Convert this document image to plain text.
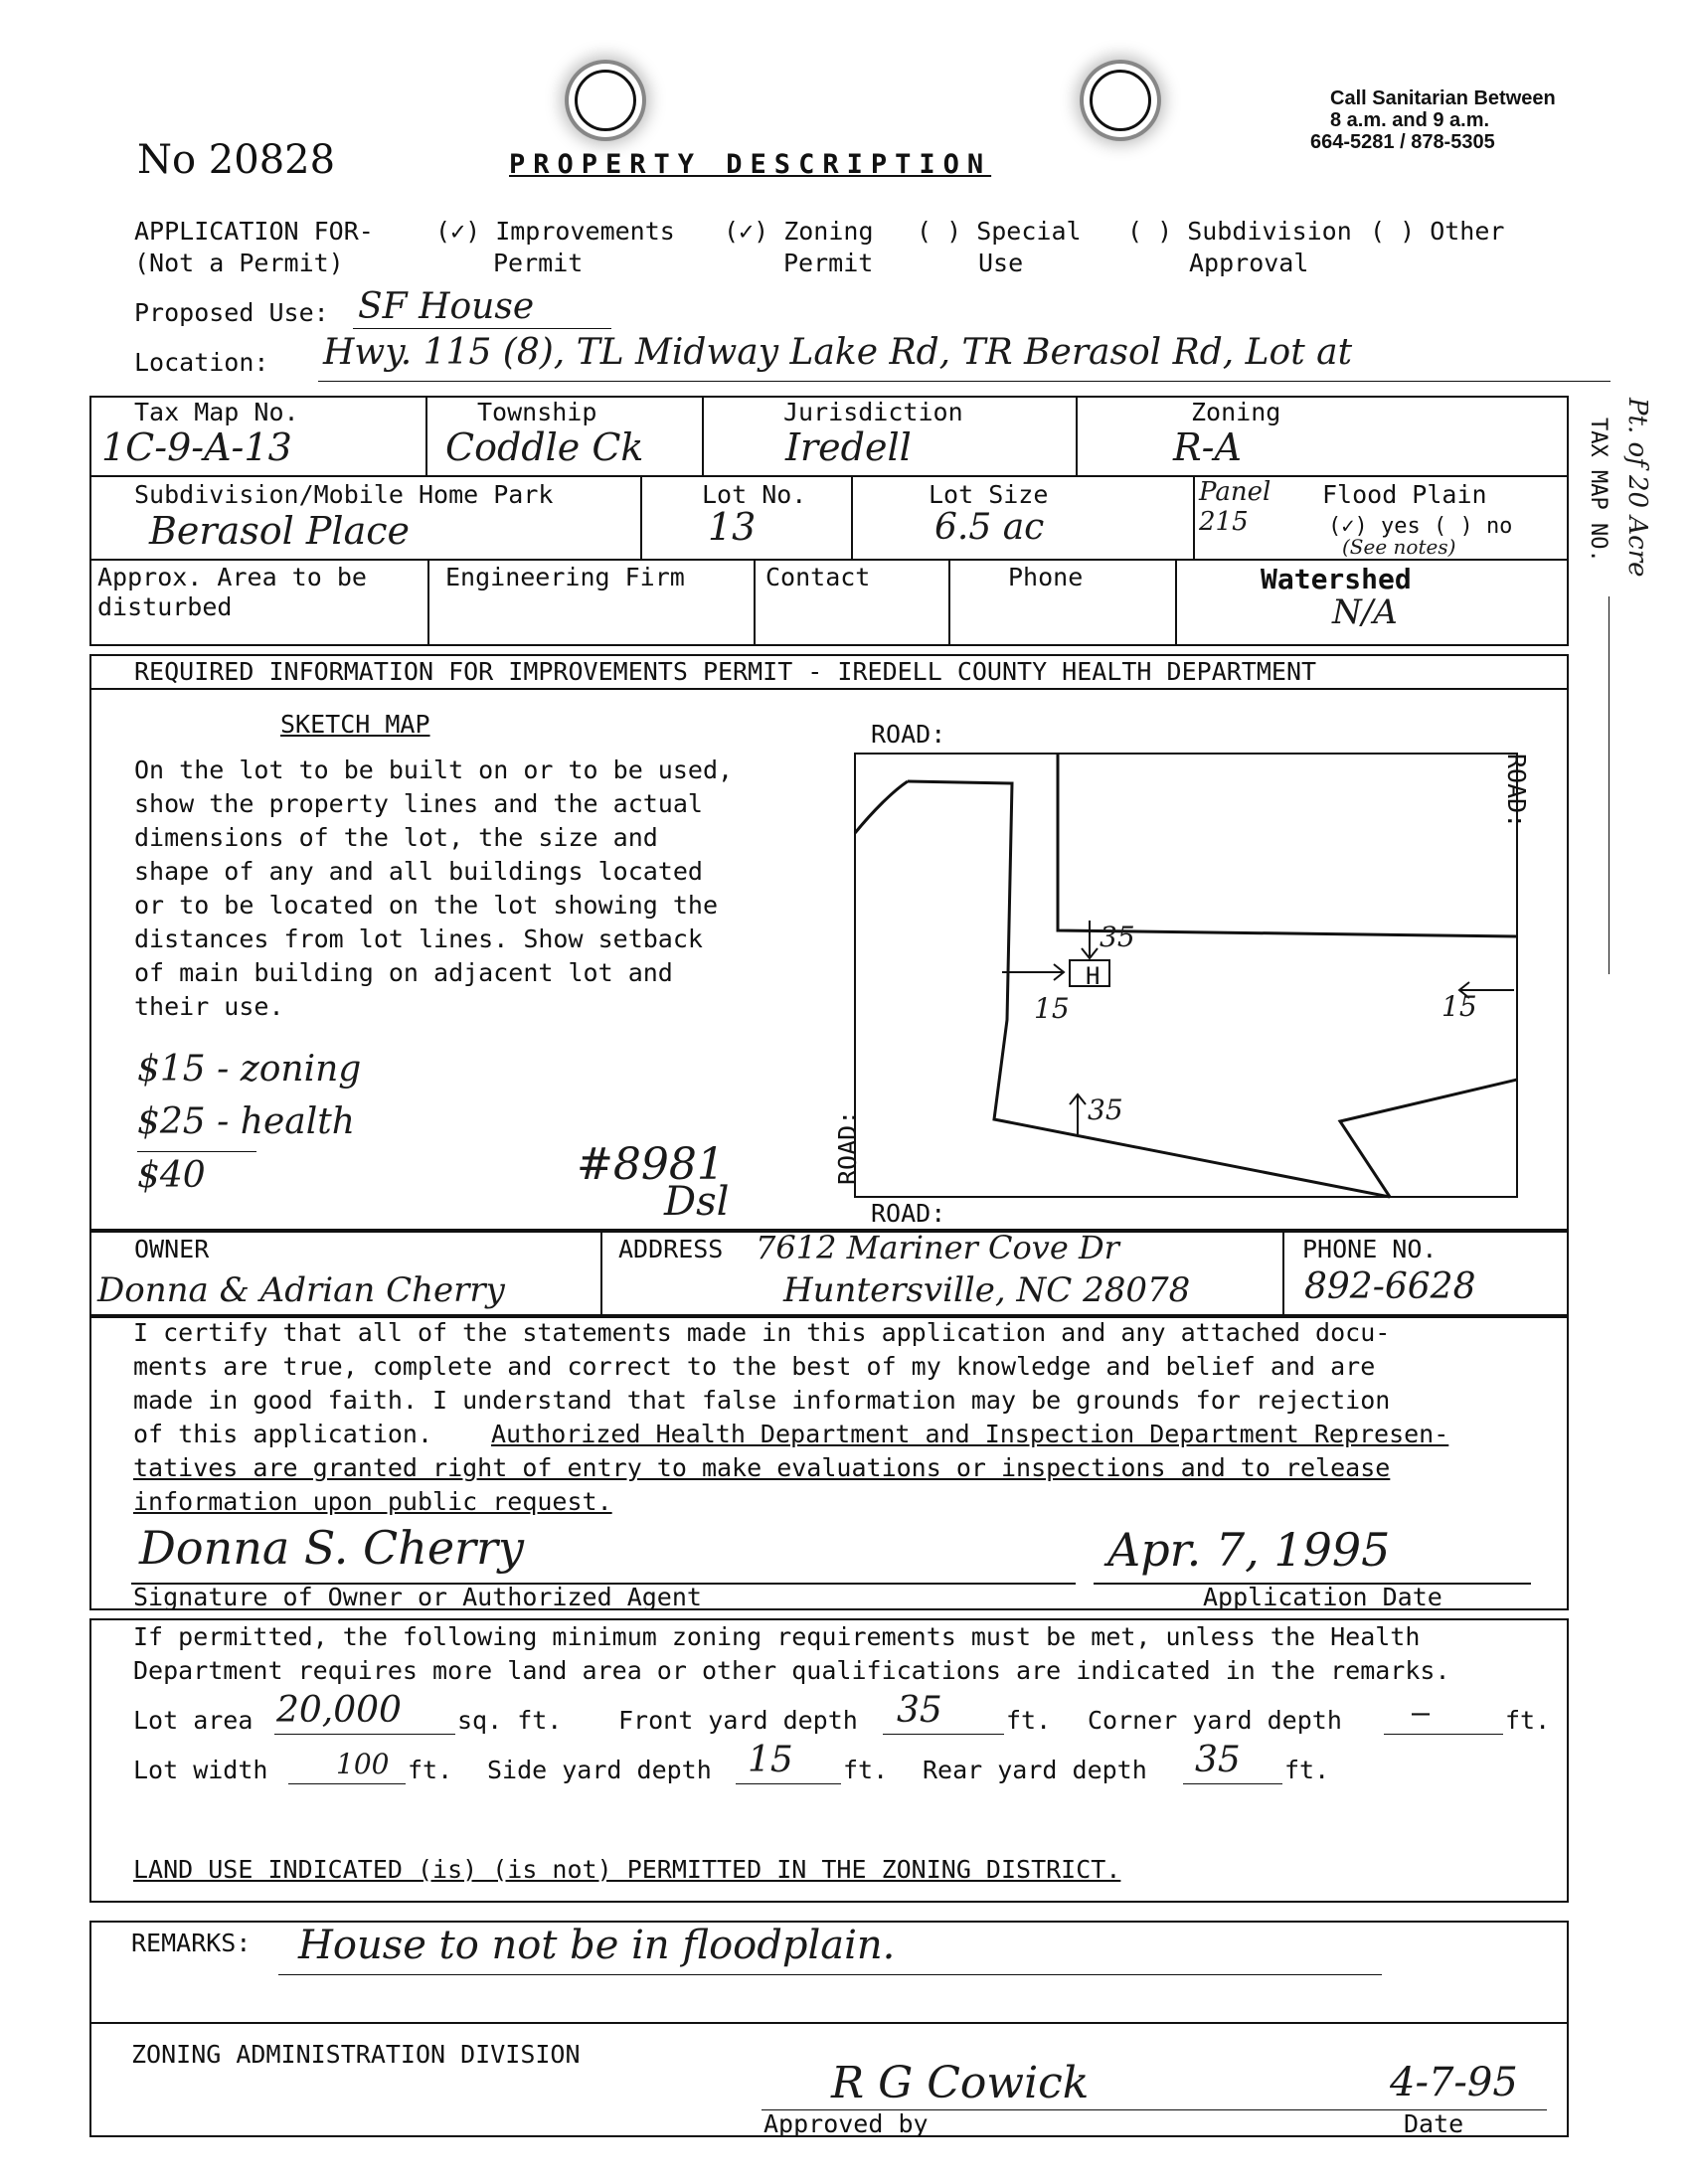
No 20828	PROPERTY DESCRIPTION
Call Sanitarian Between
8 a.m. and 9 a.m.
664-5281 / 878-5305
APPLICATION FOR-
(Not a Permit)
(✓) Improvements
Permit
(✓) Zoning
Permit
( ) Special
Use
( ) Subdivision
Approval
( ) Other
Proposed Use: SF House
Location: Hwy. 115 (8), TL Midway Lake Rd, TR Berasol Rd, Lot at
Tax Map No.
1C-9-A-13
Township
Coddle Ck
Jurisdiction
Iredell
Zoning
R-A
Subdivision/Mobile Home Park
Berasol Place
Lot No.
13
Lot Size
6.5 ac
Panel 215
Flood Plain
(✓) yes ( ) no
(See notes)
Approx. Area to be
disturbed
Engineering Firm	Contact	Phone	Watershed
N/A
TAX MAP NO. Pt. of 20 Acre
REQUIRED INFORMATION FOR IMPROVEMENTS PERMIT - IREDELL COUNTY HEALTH DEPARTMENT
SKETCH MAP
On the lot to be built on or to be used,
show the property lines and the actual
dimensions of the lot, the size and
shape of any and all buildings located
or to be located on the lot showing the
distances from lot lines. Show setback
of main building on adjacent lot and
their use.
$15 - zoning
$25 - health
$40	#8981
Dsl
ROAD:
ROAD:
ROAD:
ROAD:
H
35
15	15
35
OWNER
Donna & Adrian Cherry
ADDRESS 7612 Mariner Cove Dr
Huntersville, NC 28078
PHONE NO.
892-6628
I certify that all of the statements made in this application and any attached docu-
ments are true, complete and correct to the best of my knowledge and belief and are
made in good faith. I understand that false information may be grounds for rejection
of this application. Authorized Health Department and Inspection Department Represen-
tatives are granted right of entry to make evaluations or inspections and to release
information upon public request.
Donna S. Cherry
Signature of Owner or Authorized Agent
Apr. 7, 1995
Application Date
If permitted, the following minimum zoning requirements must be met, unless the Health
Department requires more land area or other qualifications are indicated in the remarks.
Lot area 20,000 sq. ft. Front yard depth 35	ft. Corner yard depth —	ft.
Lot width 100 ft. Side yard depth 15 ft. Rear yard depth 35 ft.
LAND USE INDICATED (is) (is not) PERMITTED IN THE ZONING DISTRICT.
REMARKS: House to not be in floodplain.
ZONING ADMINISTRATION DIVISION
R G Cowick
Approved by
4-7-95
Date
